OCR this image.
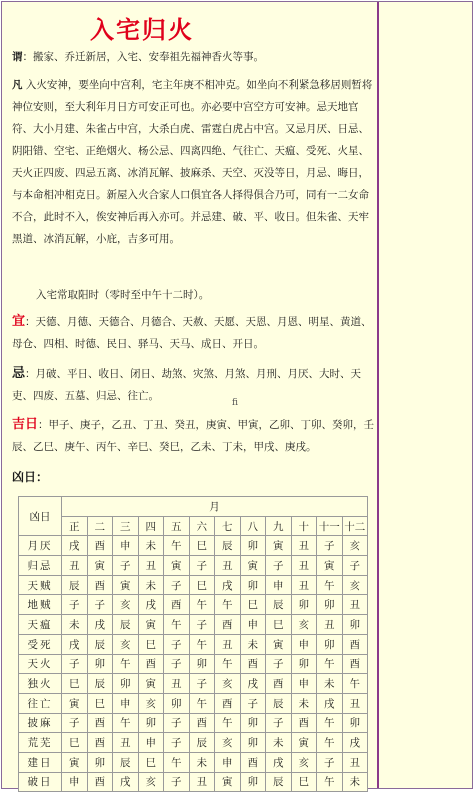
入宅归火
谓：搬家、乔迁新居，入宅、安奉祖先福神香火等事。
凡 入火安神，要坐向中宫利，宅主年庚不相冲克。如坐向不利紧急移居则暂将神位安则，至大利年月日方可安正可也。亦必要中宫空方可安神。忌天地官符、大小月建、朱雀占中宫，大杀白虎、雷霆白虎占中宫。又忌月厌、日忌、阴阳错、空宅、正绝烟火、杨公忌、四离四绝、气往亡、天瘟、受死、火星、天火正四废、四忌五离、冰消瓦解、披麻杀、天空、灭没等日，月忌、晦日，与本命相冲相克日。新屋入火合家人口俱宜各人择得俱合乃可，同有一二女命不合，此时不入，俟安神后再入亦可。并忌建、破、平、收日。但朱雀、天牢黑道、冰消瓦解，小庇，吉多可用。
入宅常取阳时（零时至中午十二时）。
宜：天德、月德、天德合、月德合、天赦、天愿、天恩、月恩、明星、黄道、母仓、四相、时德、民日、驿马、天马、成日、开日。
忌：月破、平日、收日、闭日、劫煞、灾煞、月煞、月刑、月厌、大时、天吏、四废、五墓、归忌、往亡。
ﬁ
吉日：甲子、庚子，乙丑、丁丑、癸丑，庚寅、甲寅，乙卯、丁卯、癸卯，壬辰、乙巳、庚午、丙午、辛巳、癸巳，乙未、丁未，甲戌、庚戌。
凶日：
凶日	月											
	正	二	三	四	五	六	七	八	九	十	十一	十二
月厌	戌	酉	申	未	午	巳	辰	卯	寅	丑	子	亥
归忌	丑	寅	子	丑	寅	子	丑	寅	子	丑	寅	子
天贼	辰	酉	寅	未	子	巳	戌	卯	申	丑	午	亥
地贼	子	子	亥	戌	酉	午	午	巳	辰	卯	卯	丑
天瘟	未	戌	辰	寅	午	子	酉	申	巳	亥	丑	卯
受死	戌	辰	亥	巳	子	午	丑	未	寅	申	卯	酉
天火	子	卯	午	酉	子	卯	午	酉	子	卯	午	酉
独火	巳	辰	卯	寅	丑	子	亥	戌	酉	申	未	午
往亡	寅	巳	申	亥	卯	午	酉	子	辰	未	戌	丑
披麻	子	酉	午	卯	子	酉	午	卯	子	酉	午	卯
荒芜	巳	酉	丑	申	子	辰	亥	卯	未	寅	午	戌
建日	寅	卯	辰	巳	午	未	申	酉	戌	亥	子	丑
破日	申	酉	戌	亥	子	丑	寅	卯	辰	巳	午	未
